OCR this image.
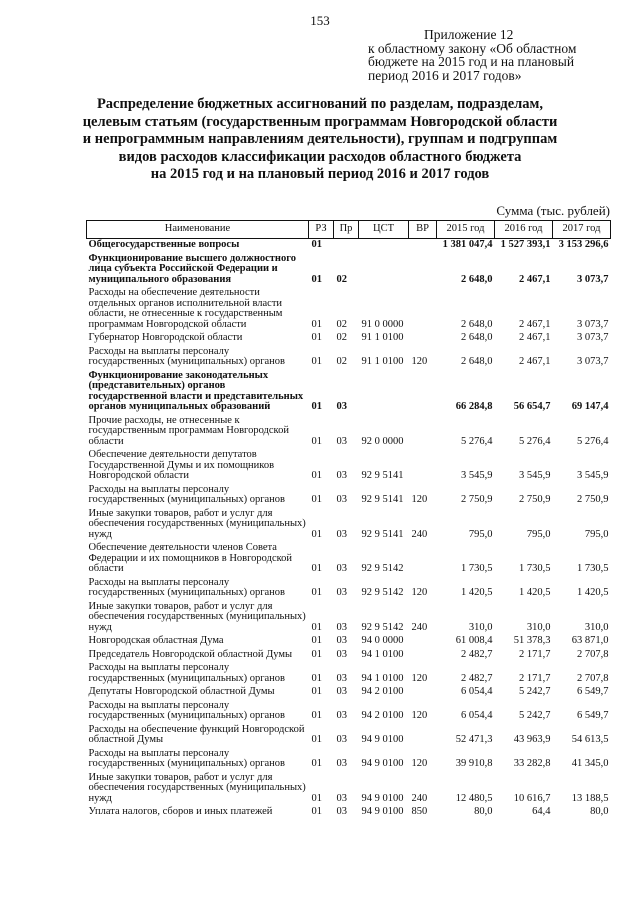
153
Приложение 12
к областному закону «Об областном
бюджете на 2015 год и на плановый
период 2016 и 2017 годов»
Распределение бюджетных ассигнований по разделам, подразделам,
целевым статьям (государственным программам Новгородской области
и непрограммным направлениям деятельности), группам и подгруппам
видов расходов классификации расходов областного бюджета
на 2015 год и на плановый период 2016 и 2017 годов
Сумма (тыс. рублей)
Наименование	РЗ	Пр	ЦСТ	ВР	2015 год	2016 год	2017 год
Общегосударственные вопросы	01				1 381 047,4	1 527 393,1	3 153 296,6
Функционирование высшего должностного лица субъекта Российской Федерации и муниципального образования	01	02			2 648,0	2 467,1	3 073,7
Расходы на обеспечение деятельности отдельных органов исполнительной власти области, не отнесенные к государственным программам Новгородской области	01	02	91 0 0000		2 648,0	2 467,1	3 073,7
Губернатор Новгородской области	01	02	91 1 0100		2 648,0	2 467,1	3 073,7
Расходы на выплаты персоналу государственных (муниципальных) органов	01	02	91 1 0100	120	2 648,0	2 467,1	3 073,7
Функционирование законодательных (представительных) органов государственной власти и представительных органов муниципальных образований	01	03			66 284,8	56 654,7	69 147,4
Прочие расходы, не отнесенные к государственным программам Новгородской области	01	03	92 0 0000		5 276,4	5 276,4	5 276,4
Обеспечение деятельности депутатов Государственной Думы и их помощников Новгородской области	01	03	92 9 5141		3 545,9	3 545,9	3 545,9
Расходы на выплаты персоналу государственных (муниципальных) органов	01	03	92 9 5141	120	2 750,9	2 750,9	2 750,9
Иные закупки товаров, работ и услуг для обеспечения государственных (муниципальных) нужд	01	03	92 9 5141	240	795,0	795,0	795,0
Обеспечение деятельности членов Совета Федерации и их помощников в Новгородской области	01	03	92 9 5142		1 730,5	1 730,5	1 730,5
Расходы на выплаты персоналу государственных (муниципальных) органов	01	03	92 9 5142	120	1 420,5	1 420,5	1 420,5
Иные закупки товаров, работ и услуг для обеспечения государственных (муниципальных) нужд	01	03	92 9 5142	240	310,0	310,0	310,0
Новгородская областная Дума	01	03	94 0 0000		61 008,4	51 378,3	63 871,0
Председатель Новгородской областной Думы	01	03	94 1 0100		2 482,7	2 171,7	2 707,8
Расходы на выплаты персоналу государственных (муниципальных) органов	01	03	94 1 0100	120	2 482,7	2 171,7	2 707,8
Депутаты Новгородской областной Думы	01	03	94 2 0100		6 054,4	5 242,7	6 549,7
Расходы на выплаты персоналу государственных (муниципальных) органов	01	03	94 2 0100	120	6 054,4	5 242,7	6 549,7
Расходы на обеспечение функций Новгородской областной Думы	01	03	94 9 0100		52 471,3	43 963,9	54 613,5
Расходы на выплаты персоналу государственных (муниципальных) органов	01	03	94 9 0100	120	39 910,8	33 282,8	41 345,0
Иные закупки товаров, работ и услуг для обеспечения государственных (муниципальных) нужд	01	03	94 9 0100	240	12 480,5	10 616,7	13 188,5
Уплата налогов, сборов и иных платежей	01	03	94 9 0100	850	80,0	64,4	80,0
